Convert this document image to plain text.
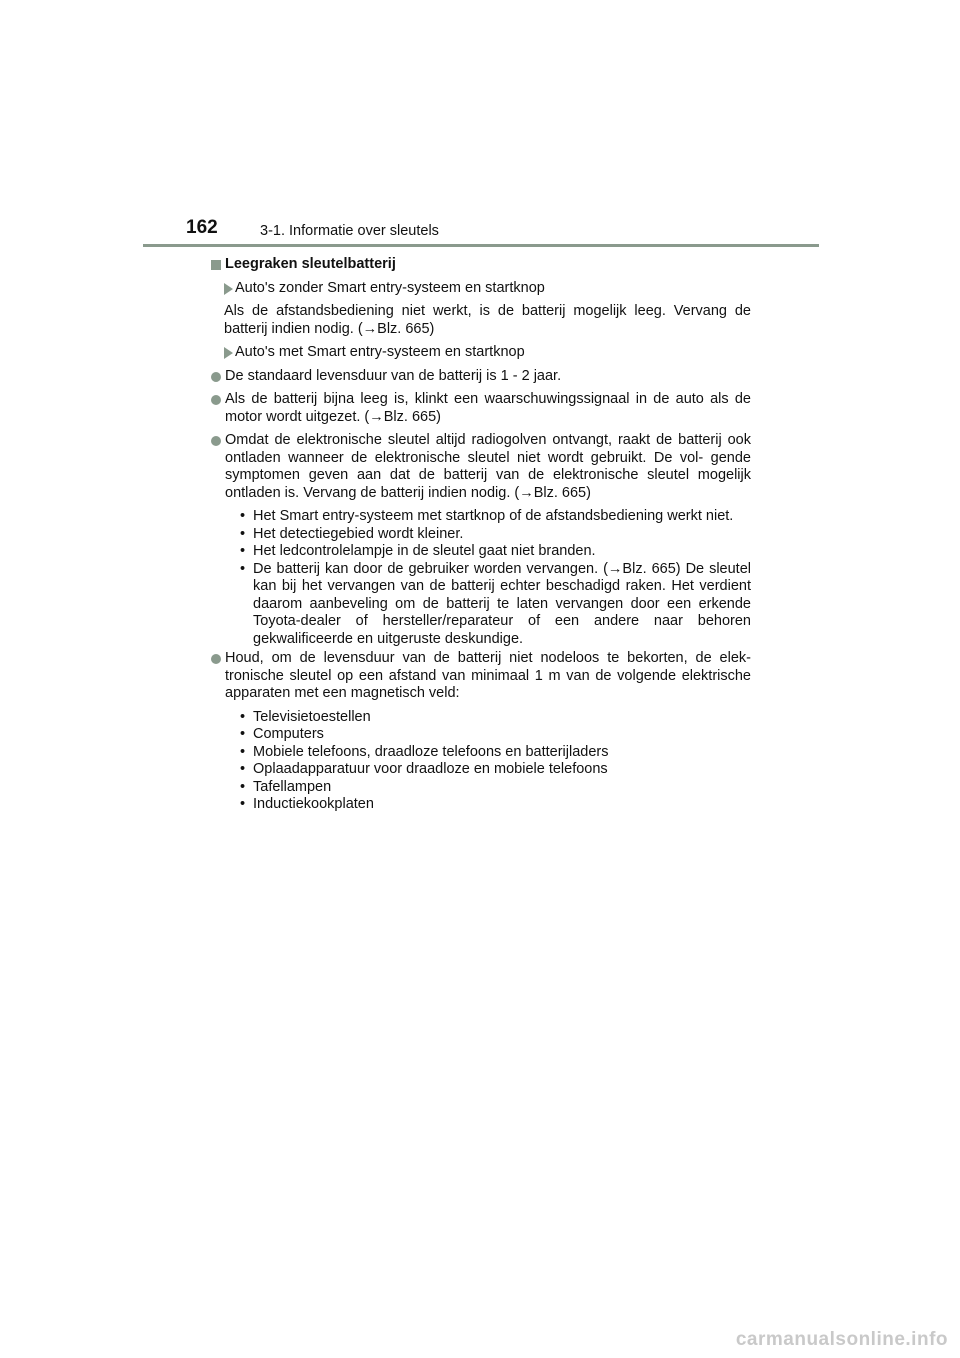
162	3-1. Informatie over sleutels
Leegraken sleutelbatterij
Auto's zonder Smart entry-systeem en startknop
Als de afstandsbediening niet werkt, is de batterij mogelijk leeg. Vervang de batterij indien nodig. (→Blz. 665)
Auto's met Smart entry-systeem en startknop
De standaard levensduur van de batterij is 1 - 2 jaar.
Als de batterij bijna leeg is, klinkt een waarschuwingssignaal in de auto als de motor wordt uitgezet. (→Blz. 665)
Omdat de elektronische sleutel altijd radiogolven ontvangt, raakt de batterij ook ontladen wanneer de elektronische sleutel niet wordt gebruikt. De vol- gende symptomen geven aan dat de batterij van de elektronische sleutel mogelijk ontladen is. Vervang de batterij indien nodig. (→Blz. 665)
• Het Smart entry-systeem met startknop of de afstandsbediening werkt niet.
• Het detectiegebied wordt kleiner.
• Het ledcontrolelampje in de sleutel gaat niet branden.
• De batterij kan door de gebruiker worden vervangen. (→Blz. 665) De sleutel kan bij het vervangen van de batterij echter beschadigd raken. Het verdient daarom aanbeveling om de batterij te laten vervangen door een erkende Toyota-dealer of hersteller/reparateur of een andere naar behoren gekwalificeerde en uitgeruste deskundige.
Houd, om de levensduur van de batterij niet nodeloos te bekorten, de elek- tronische sleutel op een afstand van minimaal 1 m van de volgende elektrische apparaten met een magnetisch veld:
• Televisietoestellen
• Computers
• Mobiele telefoons, draadloze telefoons en batterijladers
• Oplaadapparatuur voor draadloze en mobiele telefoons
• Tafellampen
• Inductiekookplaten
carmanualsonline.info
